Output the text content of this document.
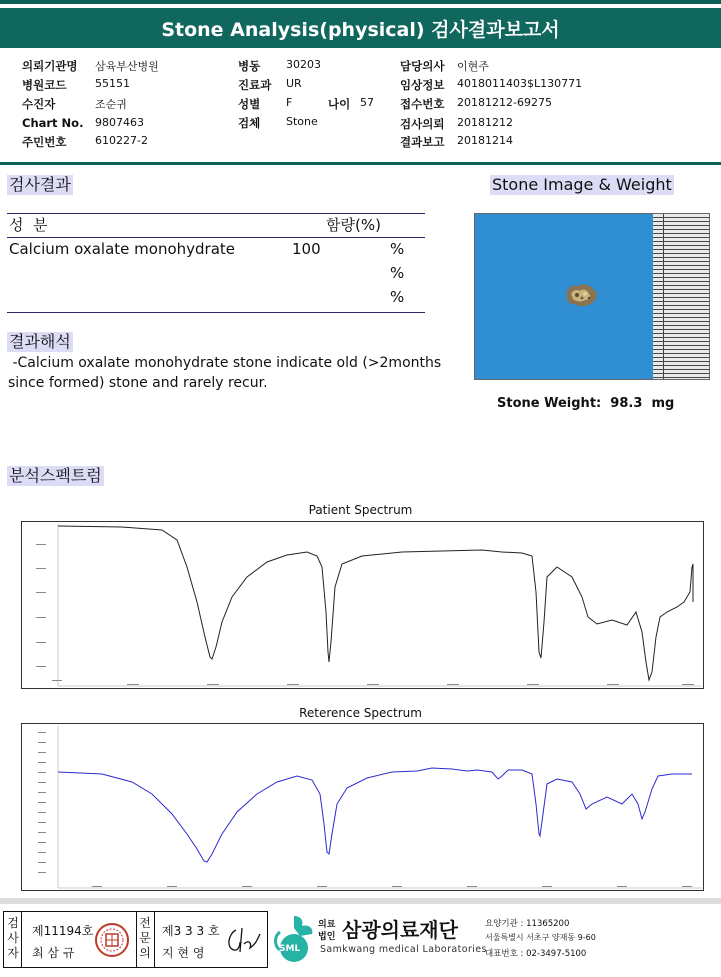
Stone Analysis(physical) 검사결과보고서
의뢰기관명 삼육부산병원
병원코드	55151
수진자	조순귀
Chart No. 9807463
주민번호	610227-2
병동 30203
진료과 UR
성별 F
검체 Stone
나이 57
담당의사 이현주
임상정보 4018011403$L130771
접수번호 20181212-69275
검사의뢰 20181212
결과보고 20181214
검사결과
성  분	함량(%)
Calcium oxalate monohydrate	100	%
%
%
결과해석
-Calcium oxalate monohydrate stone indicate old (>2months
since formed) stone and rarely recur.
Stone Image & Weight
Stone Weight: 98.3 mg
분석스펙트럼
Patient Spectrum
Reterence Spectrum
검
사
자
제11194호
최 삼 규
전
문
의
제3 3 3 호
지 현 영	SML
의료
법인 삼광의료재단
Samkwang medical Laboratories
요양기관 : 11365200
서울특별시 서초구 양재동 9-60
대표번호 : 02-3497-5100
